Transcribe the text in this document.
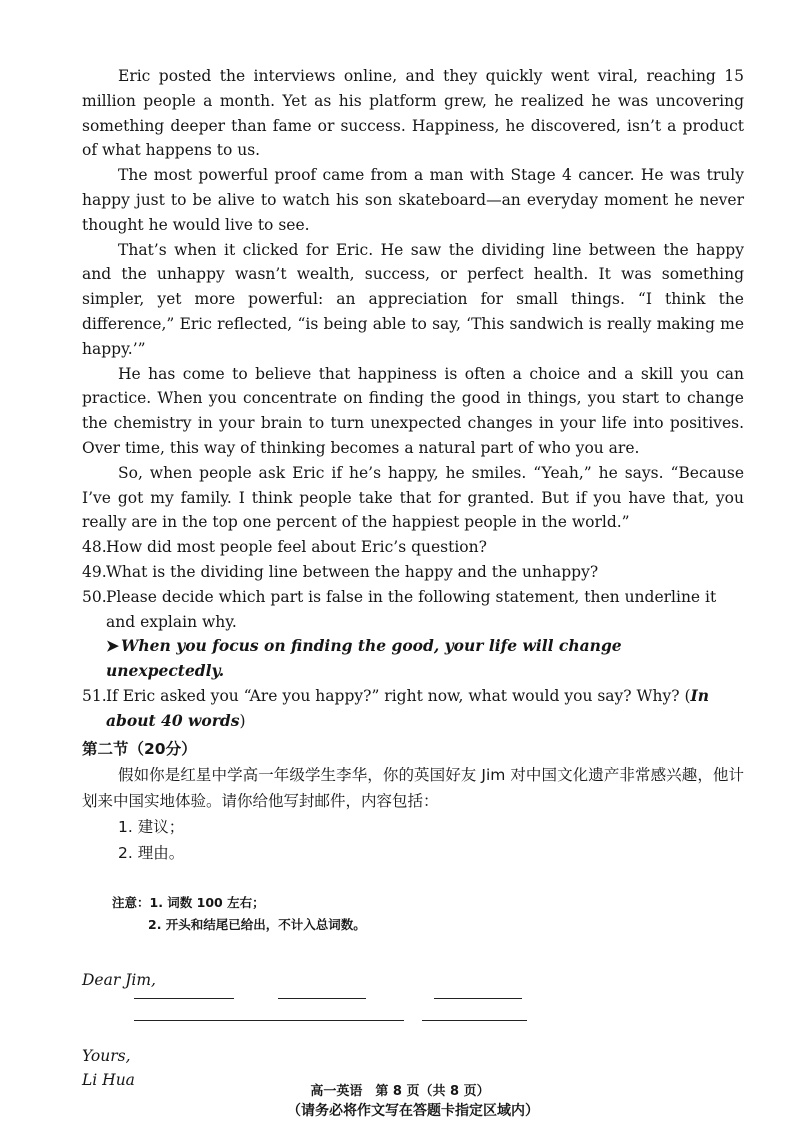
Eric posted the interviews online, and they quickly went viral, reaching 15 million people a month. Yet as his platform grew, he realized he was uncovering something deeper than fame or success. Happiness, he discovered, isn’t a product of what happens to us.

The most powerful proof came from a man with Stage 4 cancer. He was truly happy just to be alive to watch his son skateboard—an everyday moment he never thought he would live to see.

That’s when it clicked for Eric. He saw the dividing line between the happy and the unhappy wasn’t wealth, success, or perfect health. It was something simpler, yet more powerful: an appreciation for small things. “I think the difference,” Eric reflected, “is being able to say, ‘This sandwich is really making me happy.’”

He has come to believe that happiness is often a choice and a skill you can practice. When you concentrate on finding the good in things, you start to change the chemistry in your brain to turn unexpected changes in your life into positives. Over time, this way of thinking becomes a natural part of who you are.

So, when people ask Eric if he’s happy, he smiles. “Yeah,” he says. “Because I’ve got my family. I think people take that for granted. But if you have that, you really are in the top one percent of the happiest people in the world.”

48.How did most people feel about Eric’s question?

49.What is the dividing line between the happy and the unhappy?

50.Please decide which part is false in the following statement, then underline it and explain why.

➤ When you focus on finding the good, your life will change unexpectedly.

51.If Eric asked you “Are you happy?” right now, what would you say? Why? (In about 40 words)

第二节（20分）

假如你是红星中学高一年级学生李华，你的英国好友 Jim 对中国文化遗产非常感兴趣，他计划来中国实地体验。请你给他写封邮件，内容包括：

1. 建议；

2. 理由。

注意：1. 词数 100 左右；

2. 开头和结尾已给出，不计入总词数。

Dear Jim,

Yours,

Li Hua

（请务必将作文写在答题卡指定区域内）

高一英语　第 8 页（共 8 页）
